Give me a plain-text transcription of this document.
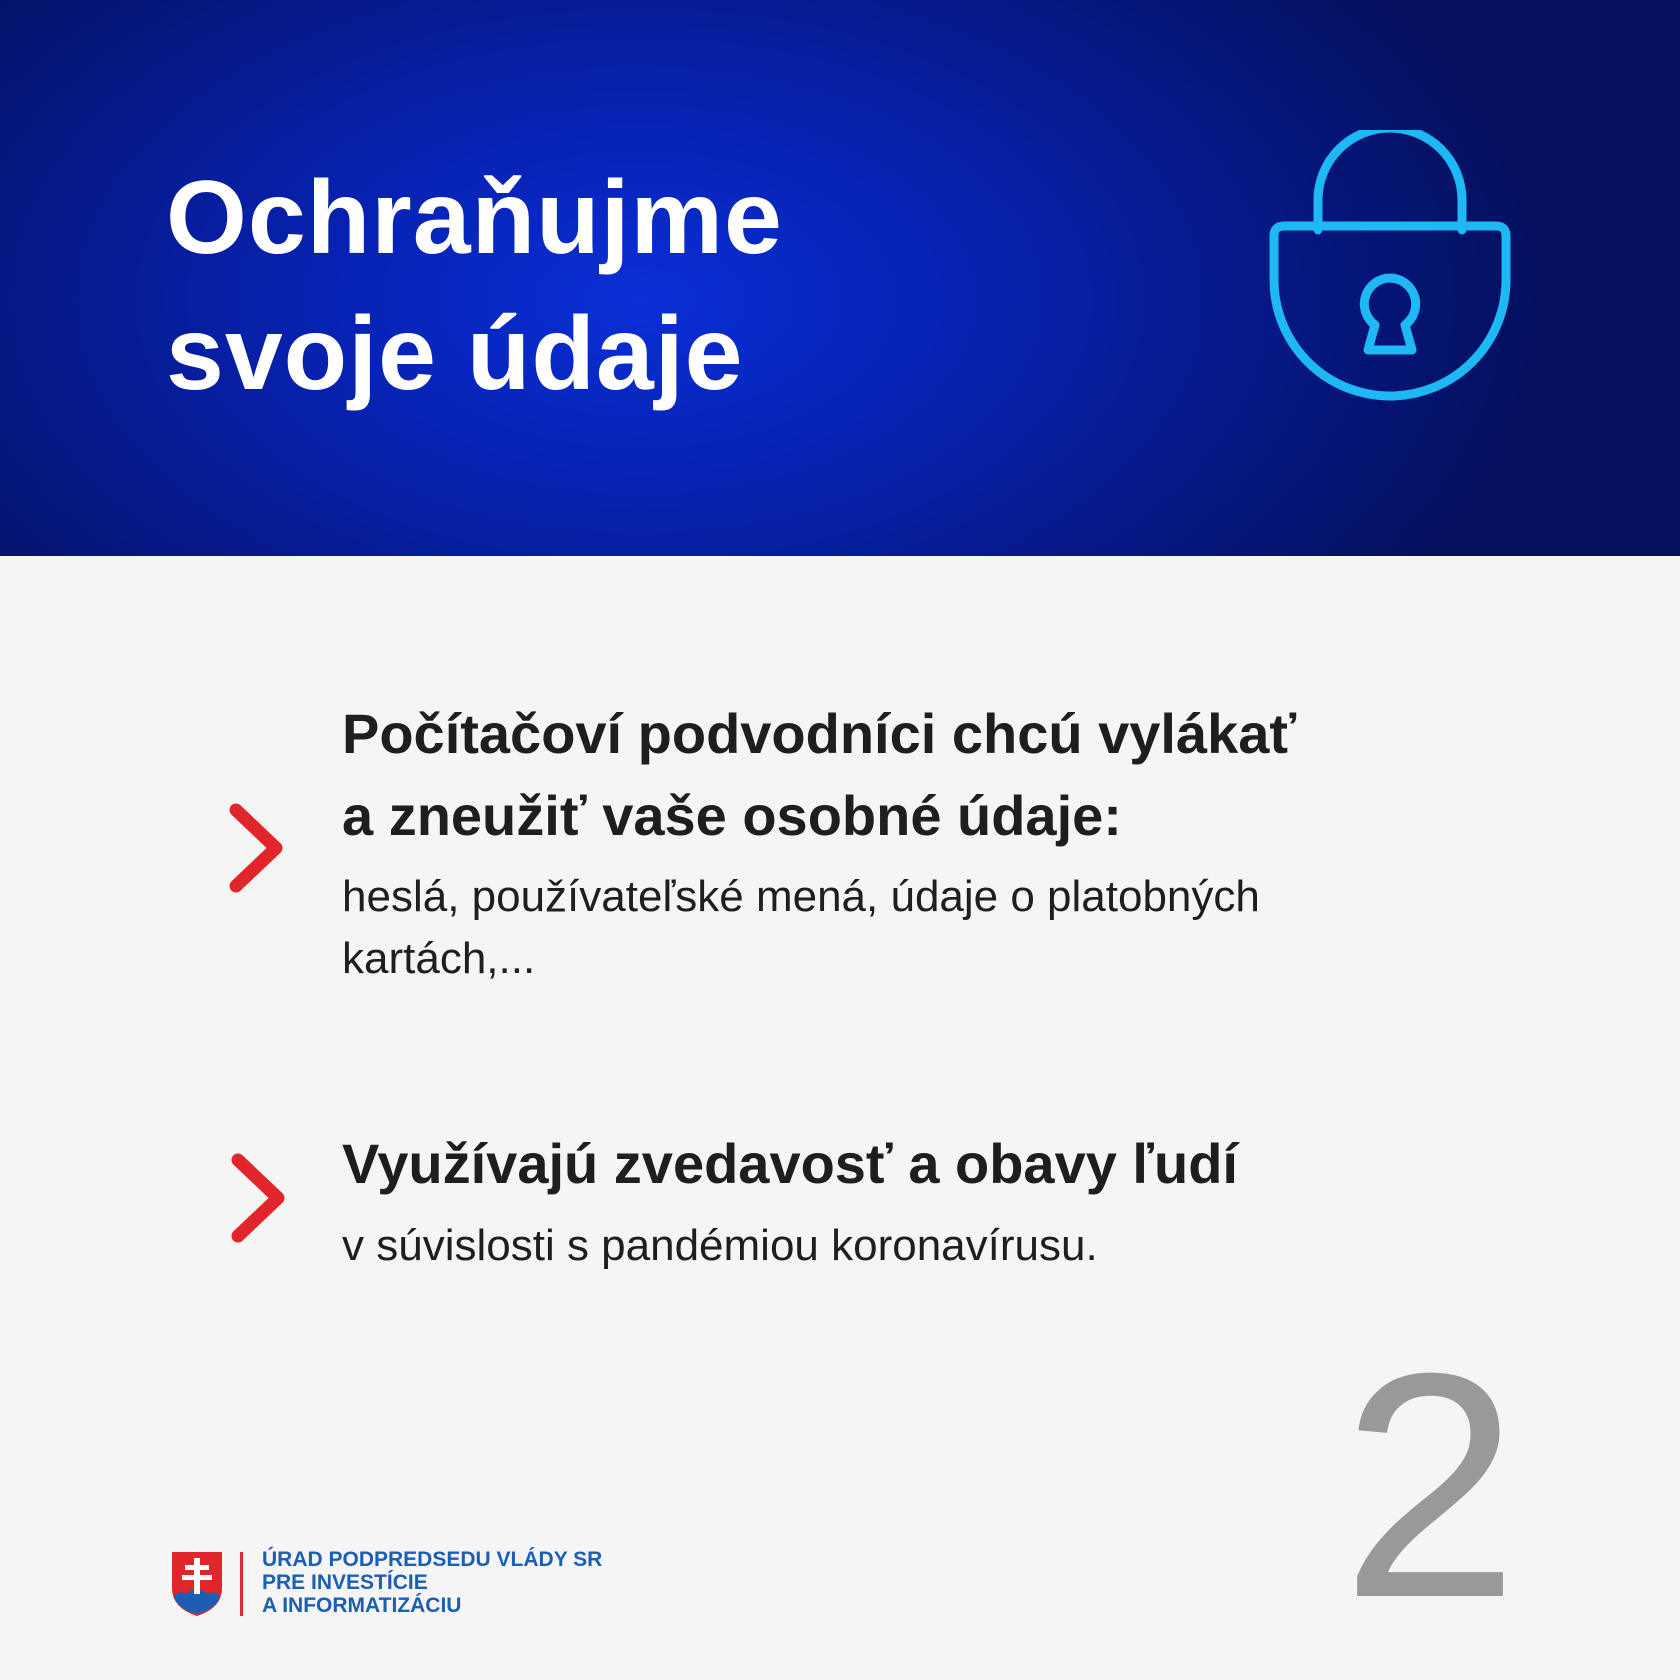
Ochraňujme
svoje údaje
Počítačoví podvodníci chcú vylákať
a zneužiť vaše osobné údaje:
heslá, používateľské mená, údaje o platobných
kartách,...
Využívajú zvedavosť a obavy ľudí
v súvislosti s pandémiou koronavírusu.
2
ÚRAD PODPREDSEDU VLÁDY SR
PRE INVESTÍCIE
A INFORMATIZÁCIU
